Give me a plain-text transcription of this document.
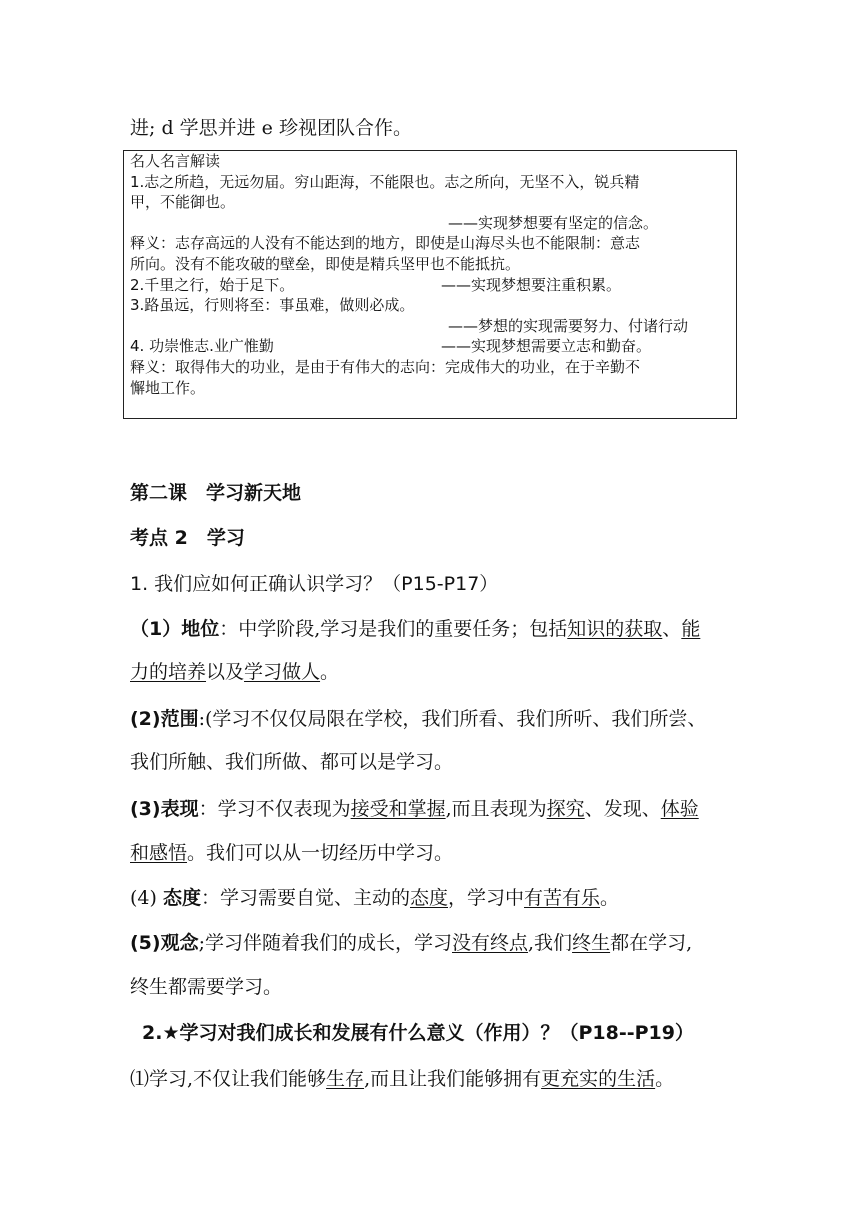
进; d 学思并进 e 珍视团队合作。
名人名言解读
1.志之所趋，无远勿届。穷山距海，不能限也。志之所向，无坚不入，锐兵精
甲，不能御也。
——实现梦想要有坚定的信念。
释义：志存高远的人没有不能达到的地方，即使是山海尽头也不能限制：意志
所向。没有不能攻破的壁垒，即使是精兵坚甲也不能抵抗。
2.千里之行，始于足下。	——实现梦想要注重积累。
3.路虽远，行则将至：事虽难，做则必成。
——梦想的实现需要努力、付诸行动
4. 功崇惟志.业广惟勤	——实现梦想需要立志和勤奋。
释义：取得伟大的功业，是由于有伟大的志向：完成伟大的功业，在于辛勤不
懈地工作。
第二课　学习新天地
考点 2　学习
1. 我们应如何正确认识学习？（P15-P17）
（1）地位：中学阶段,学习是我们的重要任务；包括知识的获取、能
力的培养以及学习做人。
(2)范围:(学习不仅仅局限在学校，我们所看、我们所听、我们所尝、
我们所触、我们所做、都可以是学习。
(3)表现：学习不仅表现为接受和掌握,而且表现为探究、发现、体验
和感悟。我们可以从一切经历中学习。
(4) 态度：学习需要自觉、主动的态度，学习中有苦有乐。
(5)观念;学习伴随着我们的成长，学习没有终点,我们终生都在学习,
终生都需要学习。
2.★学习对我们成长和发展有什么意义（作用）？（P18--P19）
⑴学习,不仅让我们能够生存,而且让我们能够拥有更充实的生活。
